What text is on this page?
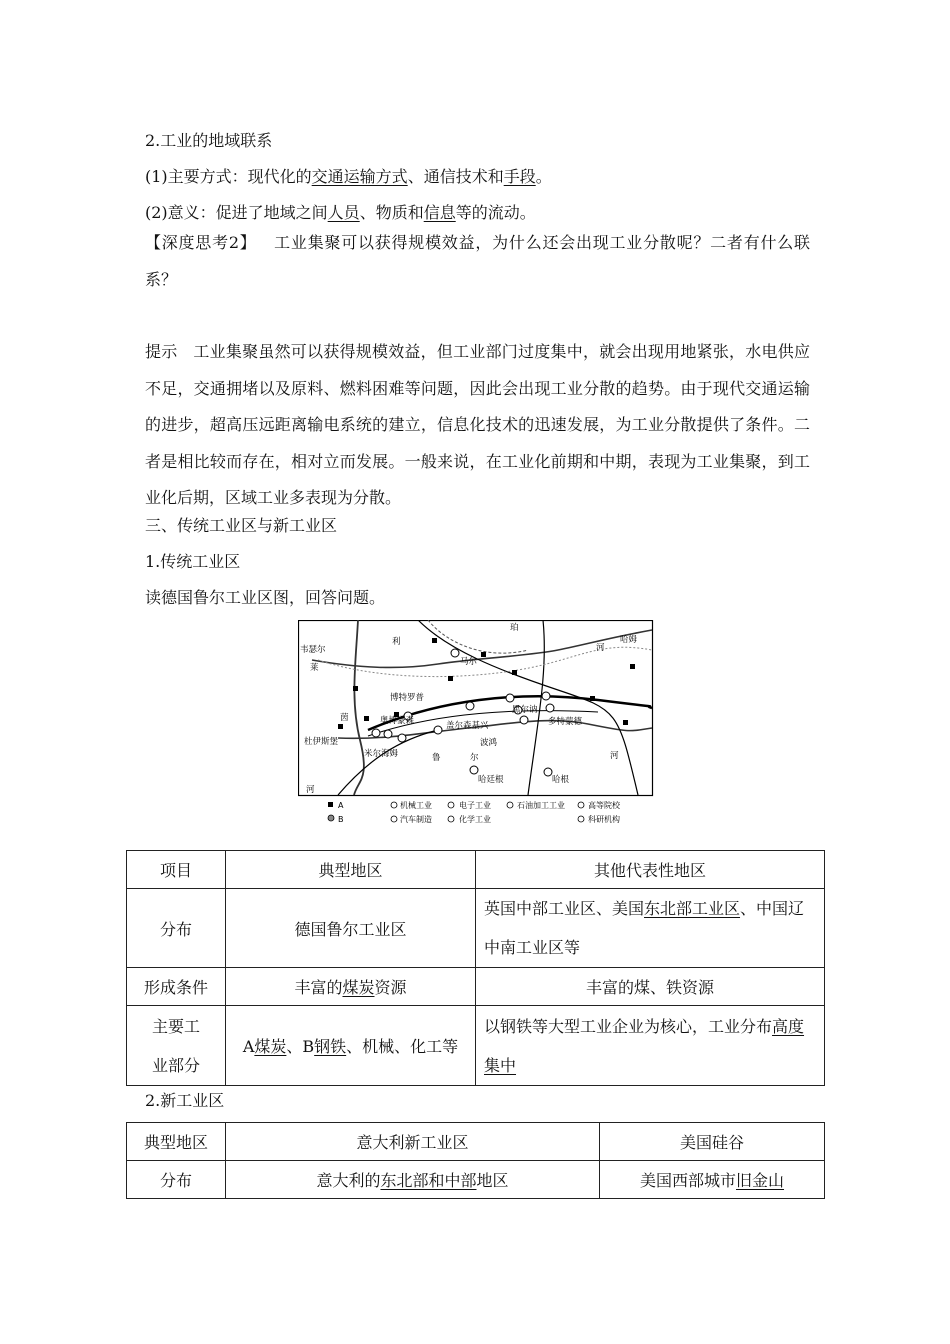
2.工业的地域联系
(1)主要方式：现代化的交通运输方式、通信技术和手段。
(2)意义：促进了地域之间人员、物质和信息等的流动。
【深度思考2】 工业集聚可以获得规模效益，为什么还会出现工业分散呢？二者有什么联系？
提示 工业集聚虽然可以获得规模效益，但工业部门过度集中，就会出现用地紧张，水电供应不足，交通拥堵以及原料、燃料困难等问题，因此会出现工业分散的趋势。由于现代交通运输的进步，超高压远距离输电系统的建立，信息化技术的迅速发展，为工业分散提供了条件。二者是相比较而存在，相对立而发展。一般来说，在工业化前期和中期，表现为工业集聚，到工业化后期，区域工业多表现为分散。
三、传统工业区与新工业区
1.传统工业区
读德国鲁尔工业区图，回答问题。
韦瑟尔
利
珀
河
哈姆
莱
马尔
博特罗普
茵	奥博豪森	盖尔森基兴
黑尔讷
多特蒙德
杜伊斯堡
米尔海姆
波鸿
尔
鲁
哈廷根	哈根
河
河
A
B
机械工业
汽车制造
电子工业
化学工业
石油加工工业	高等院校
科研机构
项目	典型地区	其他代表性地区
分布	德国鲁尔工业区	英国中部工业区、美国东北部工业区、中国辽中南工业区等
形成条件	丰富的煤炭资源	丰富的煤、铁资源
主要工业部分	A煤炭、B钢铁、机械、化工等	以钢铁等大型工业企业为核心，工业分布高度集中
2.新工业区
典型地区	意大利新工业区	美国硅谷
分布	意大利的东北部和中部地区	美国西部城市旧金山
